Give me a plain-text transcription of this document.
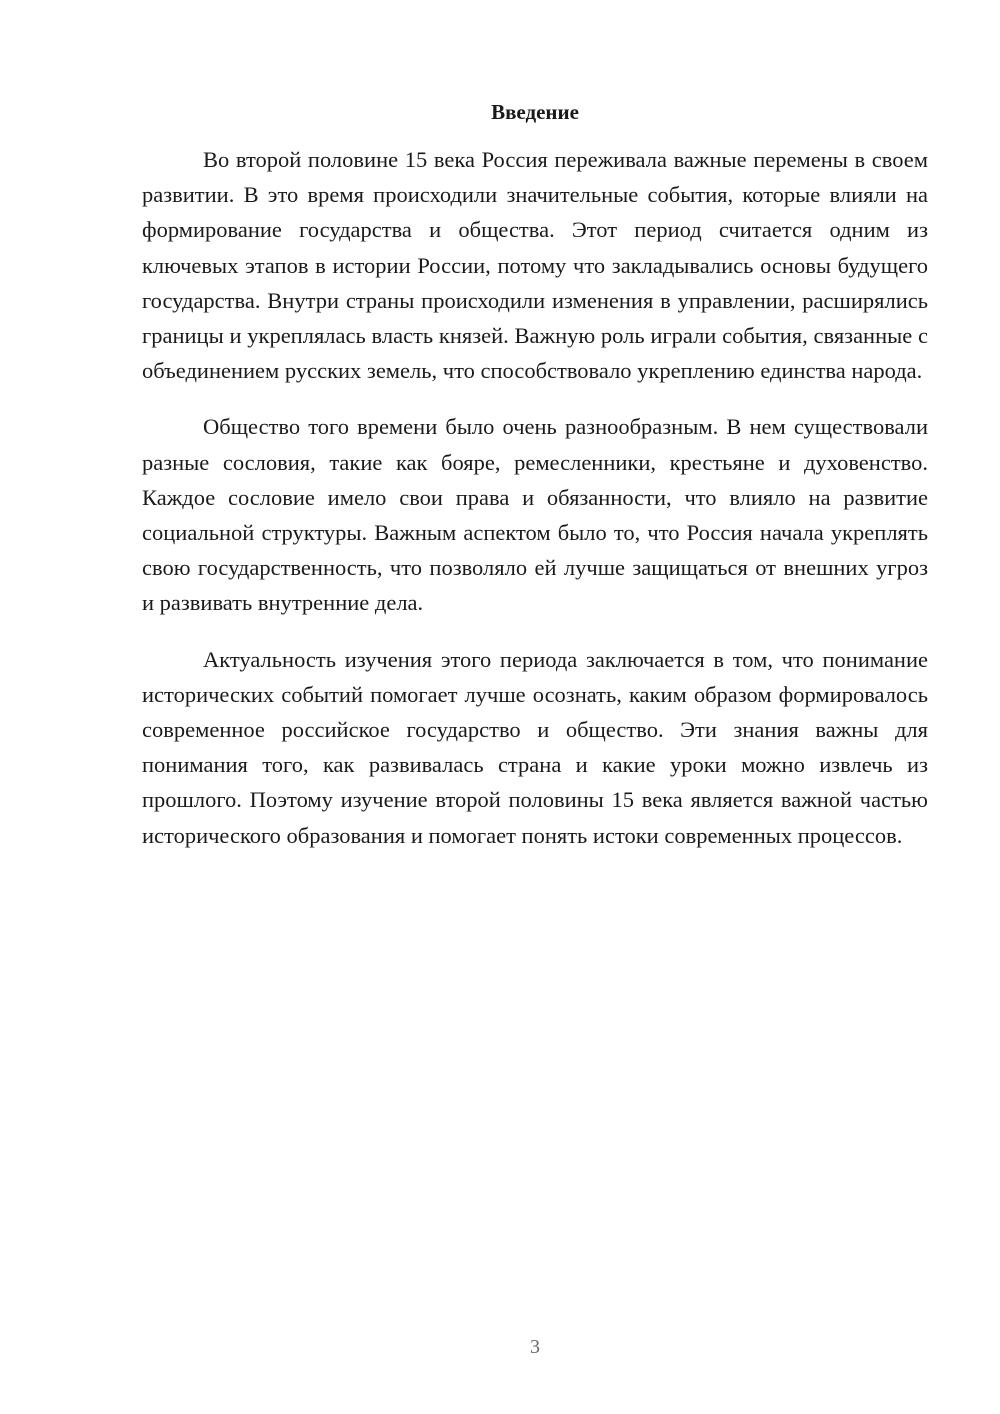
Введение

Во второй половине 15 века Россия переживала важные перемены в своем развитии. В это время происходили значительные события, которые влияли на формирование государства и общества. Этот период считается одним из ключевых этапов в истории России, потому что закладывались основы будущего государства. Внутри страны происходили изменения в управлении, расширялись границы и укреплялась власть князей. Важную роль играли события, связанные с объединением русских земель, что способствовало укреплению единства народа.

Общество того времени было очень разнообразным. В нем существовали разные сословия, такие как бояре, ремесленники, крестьяне и духовенство. Каждое сословие имело свои права и обязанности, что влияло на развитие социальной структуры. Важным аспектом было то, что Россия начала укреплять свою государственность, что позволяло ей лучше защищаться от внешних угроз и развивать внутренние дела.

Актуальность изучения этого периода заключается в том, что понимание исторических событий помогает лучше осознать, каким образом формировалось современное российское государство и общество. Эти знания важны для понимания того, как развивалась страна и какие уроки можно извлечь из прошлого. Поэтому изучение второй половины 15 века является важной частью исторического образования и помогает понять истоки современных процессов.

3
